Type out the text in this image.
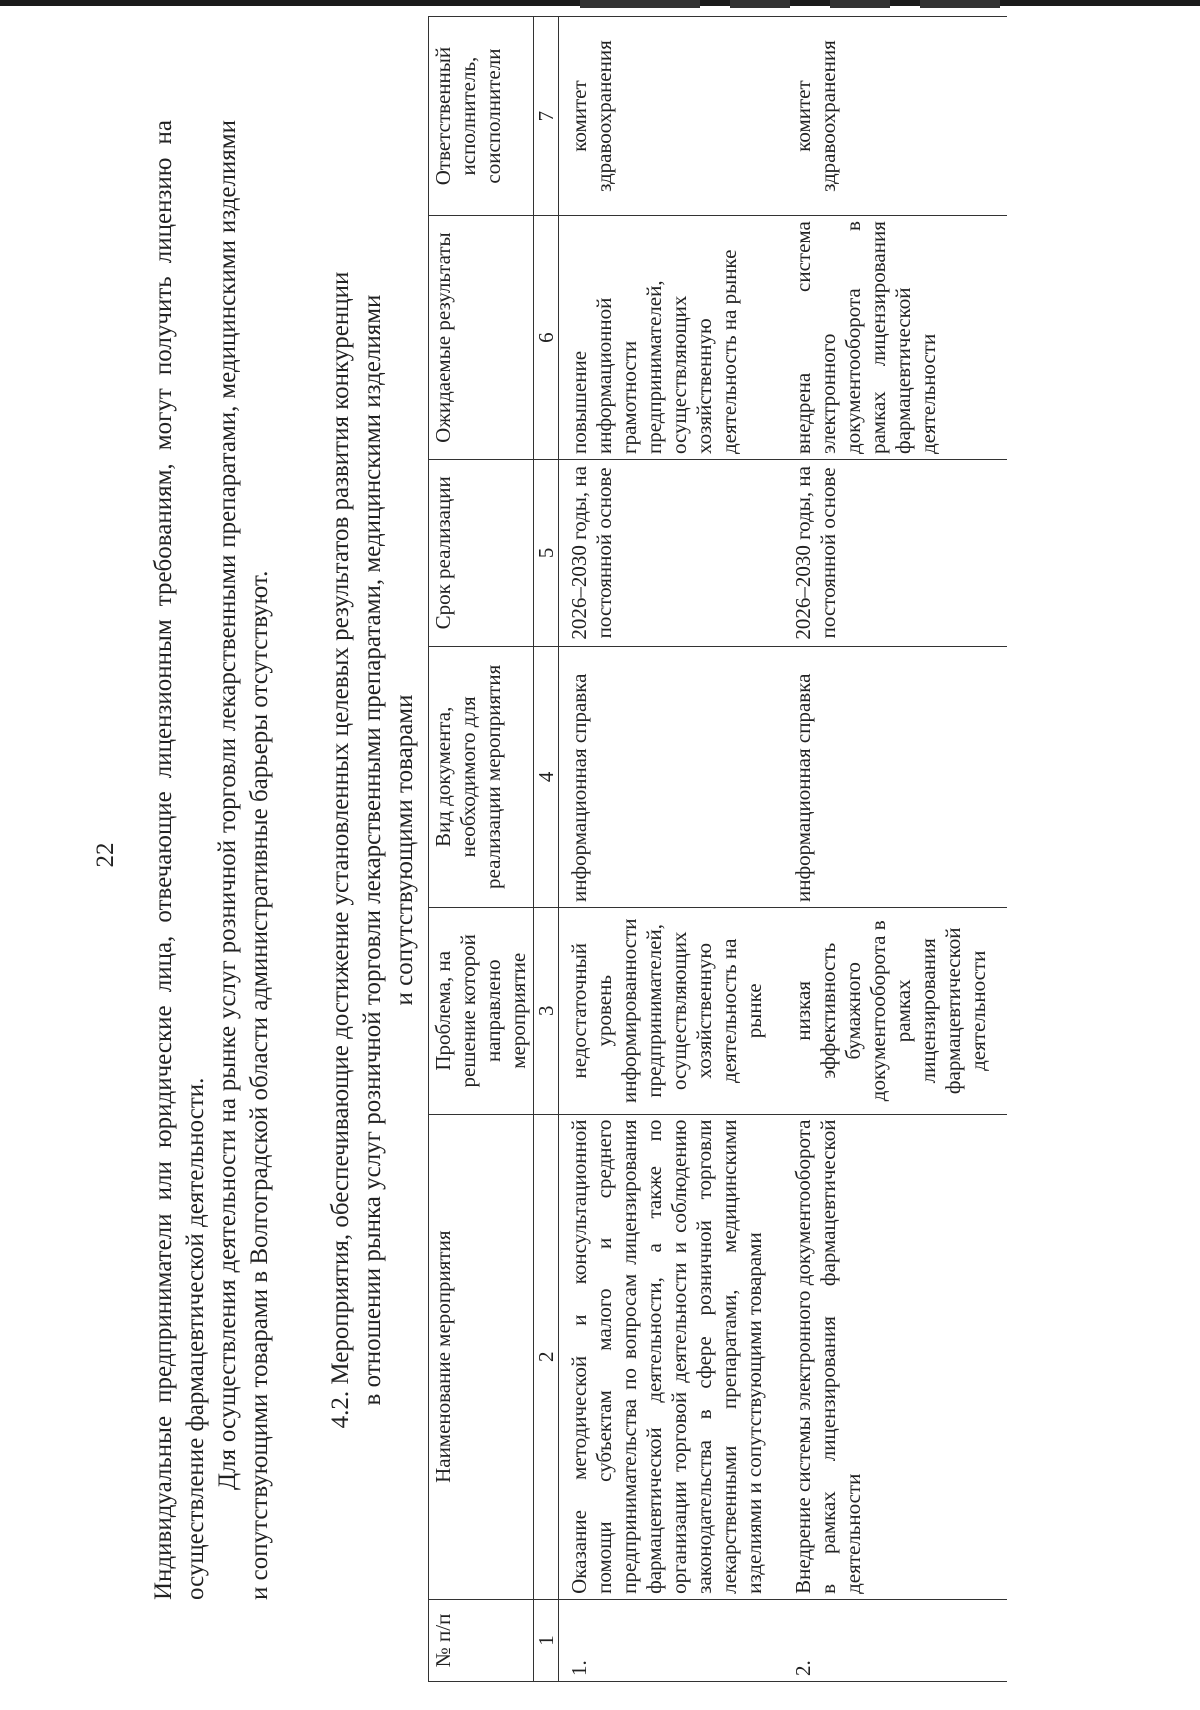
22 Индивидуальные предприниматели или юридические лица, отвечающие лицензионным требованиям, могут получить лицензию на осуществление фармацевтической деятельности. Для осуществления деятельности на рынке услуг розничной торговли лекарственными препаратами, медицинскими изделиями и сопутствующими товарами в Волгоградской области административные барьеры отсутствуют. 4.2. Мероприятия, обеспечивающие достижение установленных целевых результатов развития конкуренции в отношении рынка услуг розничной торговли лекарственными препаратами, медицинскими изделиями и сопутствующими товарами
№ п/п	Наименование мероприятия	Проблема, на решение которой направлено мероприятие	Вид документа, необходимого для реализации мероприятия	Срок реализации	Ожидаемые результаты	Ответственный исполнитель, соисполнители
1	2	3	4	5	6	7
1.	Оказание методической и консультационной помощи субъектам малого и среднего предпринимательства по вопросам лицензирования фармацевтической деятельности, а также по организации торговой деятельности и соблюдению законодательства в сфере розничной торговли лекарственными препаратами, медицинскими изделиями и сопутствующими товарами	недостаточный уровень информированности предпринимателей, осуществляющих хозяйственную деятельность на рынке	информационная справка	2026–2030 годы, на постоянной основе	повышение информационной грамотности предпринимателей, осуществляющих хозяйственную деятельность на рынке	комитет здравоохранения
2.	Внедрение системы электронного документооборота в рамках лицензирования фармацевтической деятельности	низкая эффективность бумажного документооборота в рамках лицензирования фармацевтической деятельности	информационная справка	2026–2030 годы, на постоянной основе	внедрена система электронного документооборота в рамках лицензирования фармацевтической деятельности	комитет здравоохранения
